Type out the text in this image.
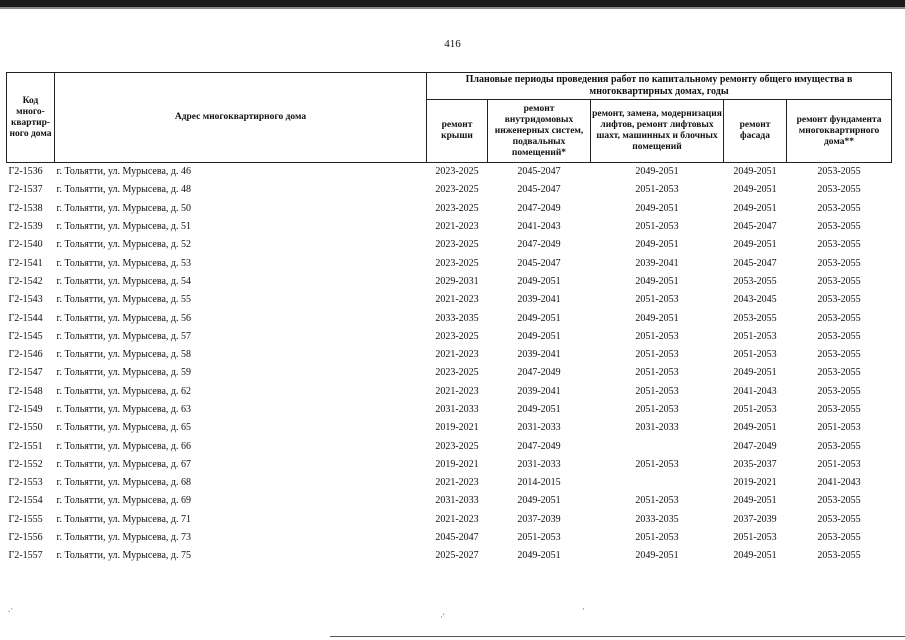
416
Код много-квартир-ного дома	Адрес многоквартирного дома	Плановые периоды проведения работ по капитальному ремонту общего имущества в многоквартирных домах, годы				
		ремонт крыши	ремонт внутридомовых инженерных систем, подвальных помещений*	ремонт, замена, модернизация лифтов, ремонт лифтовых шахт, машинных и блочных помещений	ремонт фасада	ремонт фундамента многоквартирного дома**
Г2-1536	г. Тольятти, ул. Мурысева, д. 46	2023-2025	2045-2047	2049-2051	2049-2051	2053-2055
Г2-1537	г. Тольятти, ул. Мурысева, д. 48	2023-2025	2045-2047	2051-2053	2049-2051	2053-2055
Г2-1538	г. Тольятти, ул. Мурысева, д. 50	2023-2025	2047-2049	2049-2051	2049-2051	2053-2055
Г2-1539	г. Тольятти, ул. Мурысева, д. 51	2021-2023	2041-2043	2051-2053	2045-2047	2053-2055
Г2-1540	г. Тольятти, ул. Мурысева, д. 52	2023-2025	2047-2049	2049-2051	2049-2051	2053-2055
Г2-1541	г. Тольятти, ул. Мурысева, д. 53	2023-2025	2045-2047	2039-2041	2045-2047	2053-2055
Г2-1542	г. Тольятти, ул. Мурысева, д. 54	2029-2031	2049-2051	2049-2051	2053-2055	2053-2055
Г2-1543	г. Тольятти, ул. Мурысева, д. 55	2021-2023	2039-2041	2051-2053	2043-2045	2053-2055
Г2-1544	г. Тольятти, ул. Мурысева, д. 56	2033-2035	2049-2051	2049-2051	2053-2055	2053-2055
Г2-1545	г. Тольятти, ул. Мурысева, д. 57	2023-2025	2049-2051	2051-2053	2051-2053	2053-2055
Г2-1546	г. Тольятти, ул. Мурысева, д. 58	2021-2023	2039-2041	2051-2053	2051-2053	2053-2055
Г2-1547	г. Тольятти, ул. Мурысева, д. 59	2023-2025	2047-2049	2051-2053	2049-2051	2053-2055
Г2-1548	г. Тольятти, ул. Мурысева, д. 62	2021-2023	2039-2041	2051-2053	2041-2043	2053-2055
Г2-1549	г. Тольятти, ул. Мурысева, д. 63	2031-2033	2049-2051	2051-2053	2051-2053	2053-2055
Г2-1550	г. Тольятти, ул. Мурысева, д. 65	2019-2021	2031-2033	2031-2033	2049-2051	2051-2053
Г2-1551	г. Тольятти, ул. Мурысева, д. 66	2023-2025	2047-2049		2047-2049	2053-2055
Г2-1552	г. Тольятти, ул. Мурысева, д. 67	2019-2021	2031-2033	2051-2053	2035-2037	2051-2053
Г2-1553	г. Тольятти, ул. Мурысева, д. 68	2021-2023	2014-2015		2019-2021	2041-2043
Г2-1554	г. Тольятти, ул. Мурысева, д. 69	2031-2033	2049-2051	2051-2053	2049-2051	2053-2055
Г2-1555	г. Тольятти, ул. Мурысева, д. 71	2021-2023	2037-2039	2033-2035	2037-2039	2053-2055
Г2-1556	г. Тольятти, ул. Мурысева, д. 73	2045-2047	2051-2053	2051-2053	2051-2053	2053-2055
Г2-1557	г. Тольятти, ул. Мурысева, д. 75	2025-2027	2049-2051	2049-2051	2049-2051	2053-2055
.·
·'
·
